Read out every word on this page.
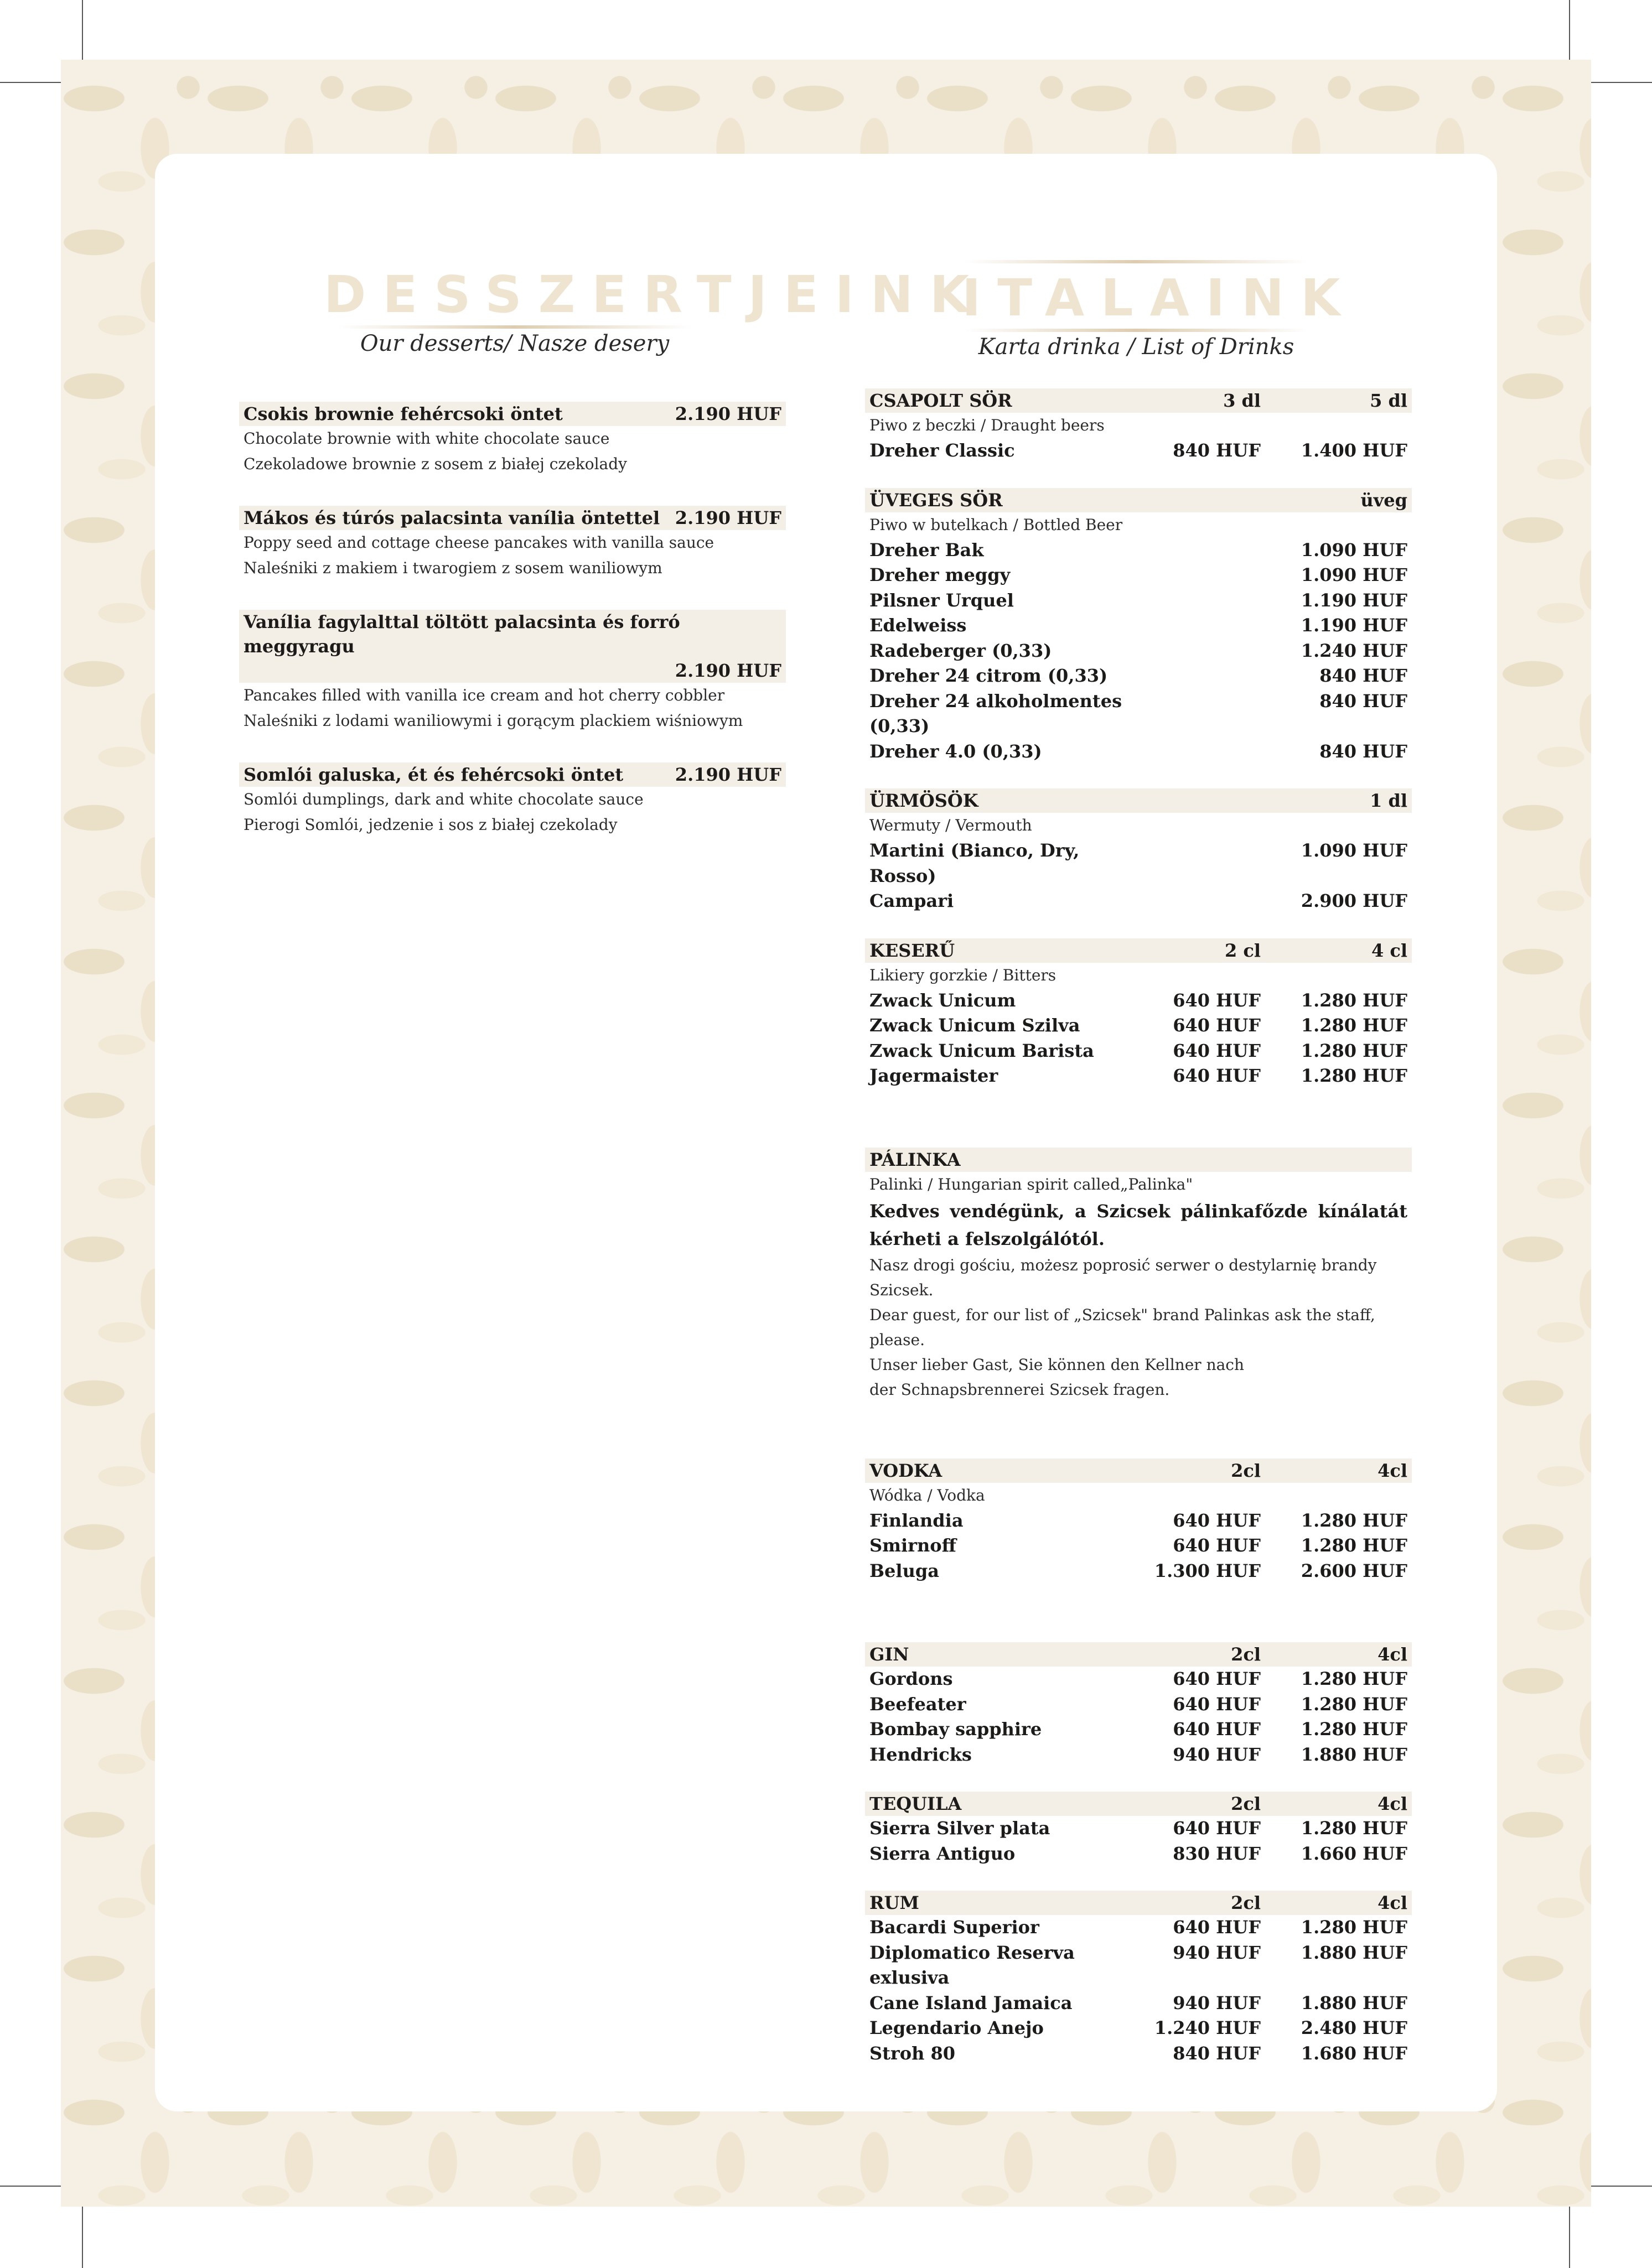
DESSZERTJEINK
Our desserts/ Nasze desery
ITALAINK
Karta drinka / List of Drinks
Csokis brownie fehércsoki öntet	2.190 HUF
Chocolate brownie with white chocolate sauce
Czekoladowe brownie z sosem z białej czekolady
Mákos és túrós palacsinta vanília öntettel 2.190 HUF
Poppy seed and cottage cheese pancakes with vanilla sauce
Naleśniki z makiem i twarogiem z sosem waniliowym
Vanília fagylalttal töltött palacsinta és forró meggyragu
2.190 HUF
Pancakes filled with vanilla ice cream and hot cherry cobbler
Naleśniki z lodami waniliowymi i gorącym plackiem wiśniowym
Somlói galuska, ét és fehércsoki öntet	2.190 HUF
Somlói dumplings, dark and white chocolate sauce
Pierogi Somlói, jedzenie i sos z białej czekolady
CSAPOLT SÖR	3 dl	5 dl
Piwo z beczki / Draught beers
Dreher Classic	840 HUF	1.400 HUF
ÜVEGES SÖR	üveg
Piwo w butelkach / Bottled Beer
Dreher Bak	1.090 HUF
Dreher meggy	1.090 HUF
Pilsner Urquel	1.190 HUF
Edelweiss	1.190 HUF
Radeberger (0,33)	1.240 HUF
Dreher 24 citrom (0,33)	840 HUF
Dreher 24 alkoholmentes (0,33)
840 HUF
Dreher 4.0 (0,33)	840 HUF
ÜRMÖSÖK	1 dl
Wermuty / Vermouth
Martini (Bianco, Dry, Rosso)
1.090 HUF
Campari	2.900 HUF
KESERŰ	2 cl	4 cl
Likiery gorzkie / Bitters
Zwack Unicum	640 HUF	1.280 HUF
Zwack Unicum Szilva	640 HUF	1.280 HUF
Zwack Unicum Barista	640 HUF	1.280 HUF
Jagermaister	640 HUF	1.280 HUF
PÁLINKA
Palinki / Hungarian spirit called„Palinka"
Kedves vendégünk, a Szicsek pálinkafőzde kínálatát kérheti a felszolgálótól.
Nasz drogi gościu, możesz poprosić serwer o destylarnię brandy Szicsek.
Dear guest, for our list of „Szicsek" brand Palinkas ask the staff, please.
Unser lieber Gast, Sie können den Kellner nach
der Schnapsbrennerei Szicsek fragen.
VODKA	2cl	4cl
Wódka / Vodka
Finlandia	640 HUF	1.280 HUF
Smirnoff	640 HUF	1.280 HUF
Beluga	1.300 HUF	2.600 HUF
GIN	2cl	4cl
Gordons	640 HUF	1.280 HUF
Beefeater	640 HUF	1.280 HUF
Bombay sapphire	640 HUF	1.280 HUF
Hendricks	940 HUF	1.880 HUF
TEQUILA	2cl	4cl
Sierra Silver plata	640 HUF	1.280 HUF
Sierra Antiguo	830 HUF	1.660 HUF
RUM	2cl	4cl
Bacardi Superior	640 HUF	1.280 HUF
Diplomatico Reserva exlusiva
940 HUF	1.880 HUF
Cane Island Jamaica	940 HUF	1.880 HUF
Legendario Anejo	1.240 HUF	2.480 HUF
Stroh 80	840 HUF	1.680 HUF
